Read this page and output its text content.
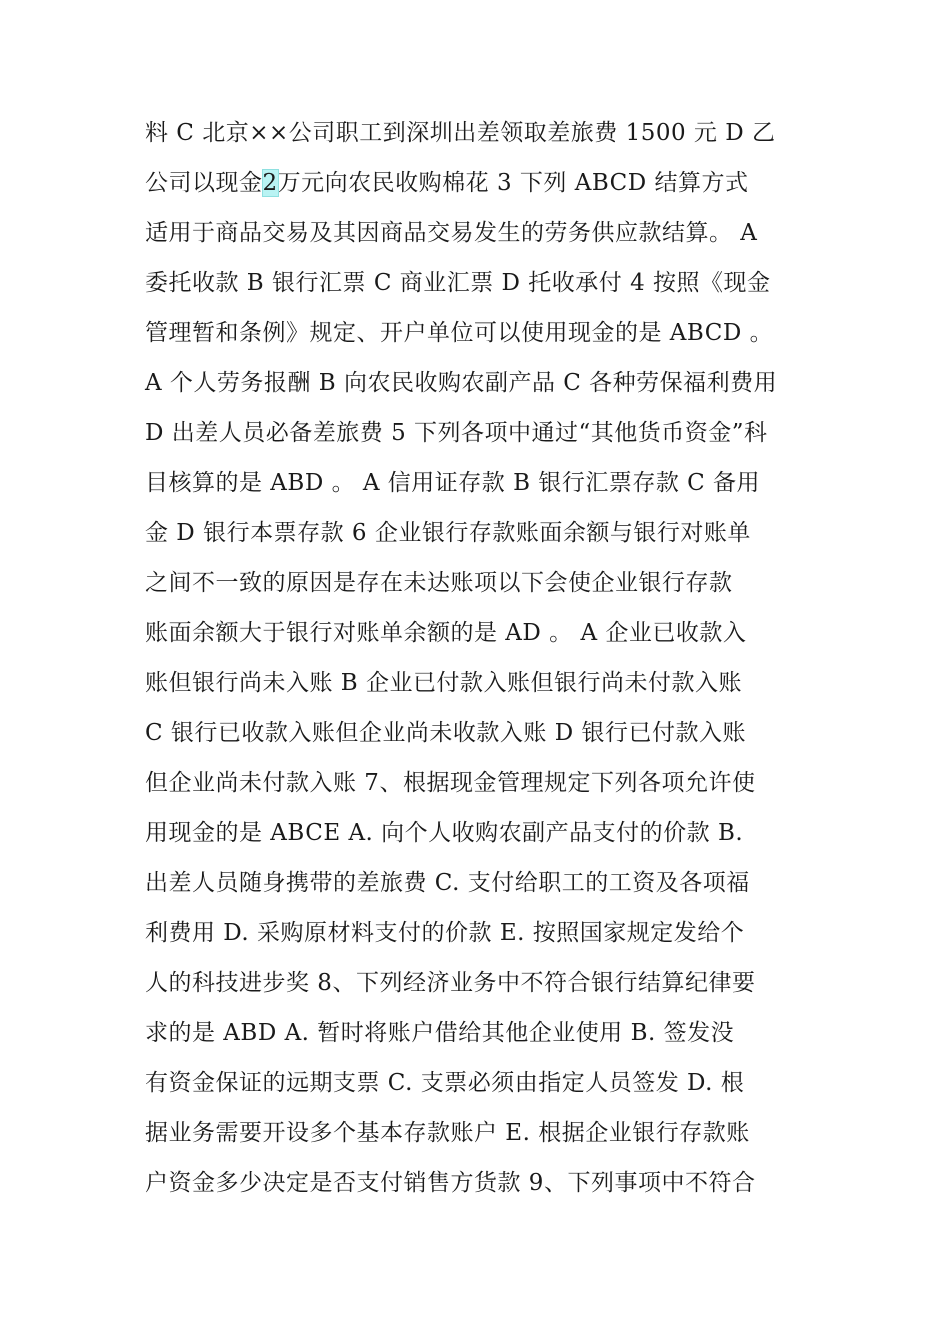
料 C 北京××公司职工到深圳出差领取差旅费 1500 元 D 乙
公司以现金2万元向农民收购棉花 3 下列 ABCD 结算方式
适用于商品交易及其因商品交易发生的劳务供应款结算。 A
委托收款 B 银行汇票 C 商业汇票 D 托收承付 4 按照《现金
管理暂和条例》规定、开户单位可以使用现金的是 ABCD 。
A 个人劳务报酬 B 向农民收购农副产品 C 各种劳保福利费用
D 出差人员必备差旅费 5 下列各项中通过“其他货币资金”科
目核算的是 ABD 。 A 信用证存款 B 银行汇票存款 C 备用
金 D 银行本票存款 6 企业银行存款账面余额与银行对账单
之间不一致的原因是存在未达账项以下会使企业银行存款
账面余额大于银行对账单余额的是 AD 。 A 企业已收款入
账但银行尚未入账 B 企业已付款入账但银行尚未付款入账
C 银行已收款入账但企业尚未收款入账 D 银行已付款入账
但企业尚未付款入账 7、根据现金管理规定下列各项允许使
用现金的是 ABCE A. 向个人收购农副产品支付的价款 B.
出差人员随身携带的差旅费 C. 支付给职工的工资及各项福
利费用 D. 采购原材料支付的价款 E. 按照国家规定发给个
人的科技进步奖 8、下列经济业务中不符合银行结算纪律要
求的是 ABD A. 暂时将账户借给其他企业使用 B. 签发没
有资金保证的远期支票 C. 支票必须由指定人员签发 D. 根
据业务需要开设多个基本存款账户 E. 根据企业银行存款账
户资金多少决定是否支付销售方货款 9、下列事项中不符合
